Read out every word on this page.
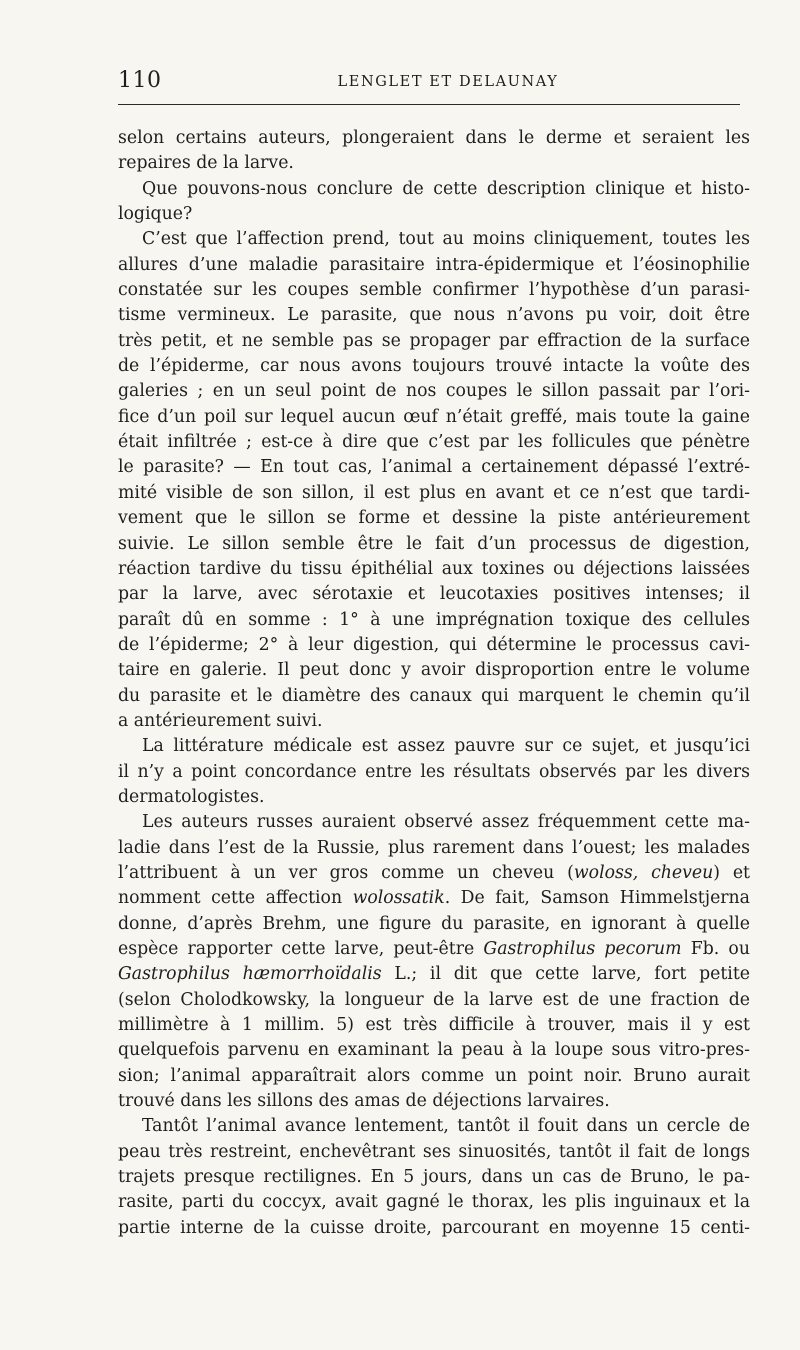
110	LENGLET ET DELAUNAY
selon certains auteurs, plongeraient dans le derme et seraient les
repaires de la larve.
Que pouvons-nous conclure de cette description clinique et histo-
logique?
C’est que l’affection prend, tout au moins cliniquement, toutes les
allures d’une maladie parasitaire intra-épidermique et l’éosinophilie
constatée sur les coupes semble confirmer l’hypothèse d’un parasi-
tisme vermineux. Le parasite, que nous n’avons pu voir, doit être
très petit, et ne semble pas se propager par effraction de la surface
de l’épiderme, car nous avons toujours trouvé intacte la voûte des
galeries ; en un seul point de nos coupes le sillon passait par l’ori-
fice d’un poil sur lequel aucun œuf n’était greffé, mais toute la gaine
était infiltrée ; est-ce à dire que c’est par les follicules que pénètre
le parasite? — En tout cas, l’animal a certainement dépassé l’extré-
mité visible de son sillon, il est plus en avant et ce n’est que tardi-
vement que le sillon se forme et dessine la piste antérieurement
suivie. Le sillon semble être le fait d’un processus de digestion,
réaction tardive du tissu épithélial aux toxines ou déjections laissées
par la larve, avec sérotaxie et leucotaxies positives intenses; il
paraît dû en somme : 1° à une imprégnation toxique des cellules
de l’épiderme; 2° à leur digestion, qui détermine le processus cavi-
taire en galerie. Il peut donc y avoir disproportion entre le volume
du parasite et le diamètre des canaux qui marquent le chemin qu’il
a antérieurement suivi.
La littérature médicale est assez pauvre sur ce sujet, et jusqu’ici
il n’y a point concordance entre les résultats observés par les divers
dermatologistes.
Les auteurs russes auraient observé assez fréquemment cette ma-
ladie dans l’est de la Russie, plus rarement dans l’ouest; les malades
l’attribuent à un ver gros comme un cheveu (woloss, cheveu) et
nomment cette affection wolossatik. De fait, Samson Himmelstjerna
donne, d’après Brehm, une figure du parasite, en ignorant à quelle
espèce rapporter cette larve, peut-être Gastrophilus pecorum Fb. ou
Gastrophilus hæmorrhoïdalis L.; il dit que cette larve, fort petite
(selon Cholodkowsky, la longueur de la larve est de une fraction de
millimètre à 1 millim. 5) est très difficile à trouver, mais il y est
quelquefois parvenu en examinant la peau à la loupe sous vitro-pres-
sion; l’animal apparaîtrait alors comme un point noir. Bruno aurait
trouvé dans les sillons des amas de déjections larvaires.
Tantôt l’animal avance lentement, tantôt il fouit dans un cercle de
peau très restreint, enchevêtrant ses sinuosités, tantôt il fait de longs
trajets presque rectilignes. En 5 jours, dans un cas de Bruno, le pa-
rasite, parti du coccyx, avait gagné le thorax, les plis inguinaux et la
partie interne de la cuisse droite, parcourant en moyenne 15 centi-
